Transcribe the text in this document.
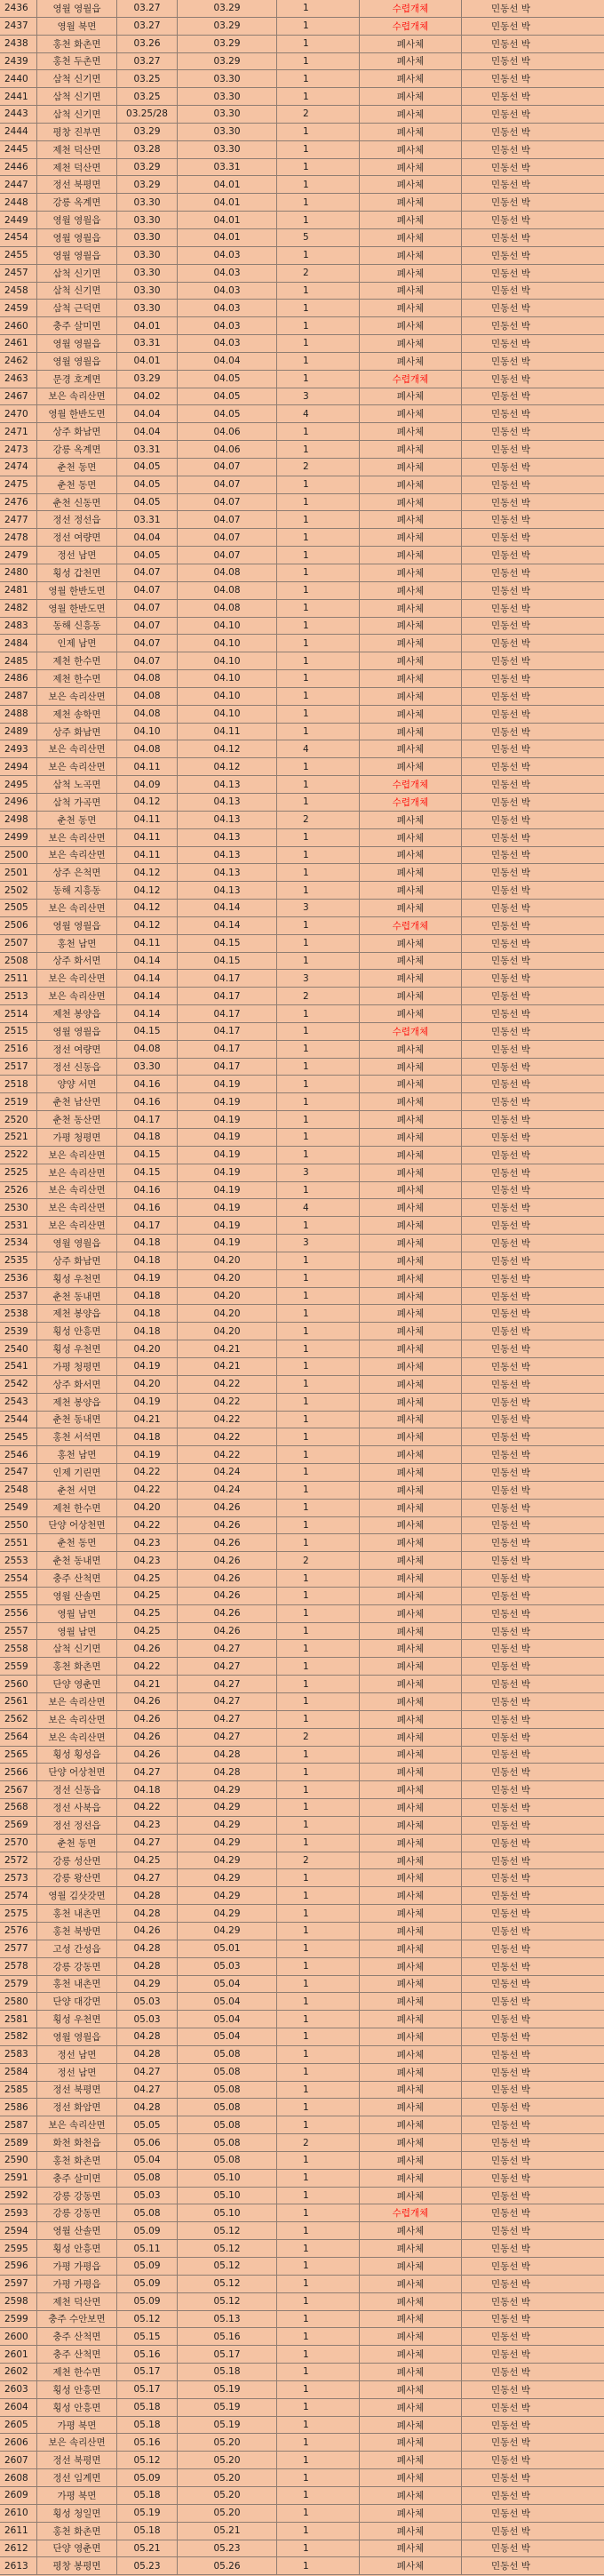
2436	영월 영월읍	03.27	03.29	1	수렵개체	민동선 박
2437	영월 북면	03.27	03.29	1	수렵개체	민동선 박
2438	홍천 화촌면	03.26	03.29	1	폐사체	민동선 박
2439	홍천 두촌면	03.27	03.29	1	폐사체	민동선 박
2440	삼척 신기면	03.25	03.30	1	폐사체	민동선 박
2441	삼척 신기면	03.25	03.30	1	폐사체	민동선 박
2443	삼척 신기면	03.25/28	03.30	2	폐사체	민동선 박
2444	평창 진부면	03.29	03.30	1	폐사체	민동선 박
2445	제천 덕산면	03.28	03.30	1	폐사체	민동선 박
2446	제천 덕산면	03.29	03.31	1	폐사체	민동선 박
2447	정선 북평면	03.29	04.01	1	폐사체	민동선 박
2448	강릉 옥계면	03.30	04.01	1	폐사체	민동선 박
2449	영월 영월읍	03.30	04.01	1	폐사체	민동선 박
2454	영월 영월읍	03.30	04.01	5	폐사체	민동선 박
2455	영월 영월읍	03.30	04.03	1	폐사체	민동선 박
2457	삼척 신기면	03.30	04.03	2	폐사체	민동선 박
2458	삼척 신기면	03.30	04.03	1	폐사체	민동선 박
2459	삼척 근덕면	03.30	04.03	1	폐사체	민동선 박
2460	충주 살미면	04.01	04.03	1	폐사체	민동선 박
2461	영월 영월읍	03.31	04.03	1	폐사체	민동선 박
2462	영월 영월읍	04.01	04.04	1	폐사체	민동선 박
2463	문경 호계면	03.29	04.05	1	수렵개체	민동선 박
2467	보은 속리산면	04.02	04.05	3	폐사체	민동선 박
2470	영월 한반도면	04.04	04.05	4	폐사체	민동선 박
2471	상주 화남면	04.04	04.06	1	폐사체	민동선 박
2473	강릉 옥계면	03.31	04.06	1	폐사체	민동선 박
2474	춘천 동면	04.05	04.07	2	폐사체	민동선 박
2475	춘천 동면	04.05	04.07	1	폐사체	민동선 박
2476	춘천 신동면	04.05	04.07	1	폐사체	민동선 박
2477	정선 정선읍	03.31	04.07	1	폐사체	민동선 박
2478	정선 여량면	04.04	04.07	1	폐사체	민동선 박
2479	정선 남면	04.05	04.07	1	폐사체	민동선 박
2480	횡성 갑천면	04.07	04.08	1	폐사체	민동선 박
2481	영월 한반도면	04.07	04.08	1	폐사체	민동선 박
2482	영월 한반도면	04.07	04.08	1	폐사체	민동선 박
2483	동해 신흥동	04.07	04.10	1	폐사체	민동선 박
2484	인제 남면	04.07	04.10	1	폐사체	민동선 박
2485	제천 한수면	04.07	04.10	1	폐사체	민동선 박
2486	제천 한수면	04.08	04.10	1	폐사체	민동선 박
2487	보은 속리산면	04.08	04.10	1	폐사체	민동선 박
2488	제천 송학면	04.08	04.10	1	폐사체	민동선 박
2489	상주 화남면	04.10	04.11	1	폐사체	민동선 박
2493	보은 속리산면	04.08	04.12	4	폐사체	민동선 박
2494	보은 속리산면	04.11	04.12	1	폐사체	민동선 박
2495	삼척 노곡면	04.09	04.13	1	수렵개체	민동선 박
2496	삼척 가곡면	04.12	04.13	1	수렵개체	민동선 박
2498	춘천 동면	04.11	04.13	2	폐사체	민동선 박
2499	보은 속리산면	04.11	04.13	1	폐사체	민동선 박
2500	보은 속리산면	04.11	04.13	1	폐사체	민동선 박
2501	상주 은척면	04.12	04.13	1	폐사체	민동선 박
2502	동해 지흥동	04.12	04.13	1	폐사체	민동선 박
2505	보은 속리산면	04.12	04.14	3	폐사체	민동선 박
2506	영월 영월읍	04.12	04.14	1	수렵개체	민동선 박
2507	홍천 남면	04.11	04.15	1	폐사체	민동선 박
2508	상주 화서면	04.14	04.15	1	폐사체	민동선 박
2511	보은 속리산면	04.14	04.17	3	폐사체	민동선 박
2513	보은 속리산면	04.14	04.17	2	폐사체	민동선 박
2514	제천 봉양읍	04.14	04.17	1	폐사체	민동선 박
2515	영월 영월읍	04.15	04.17	1	수렵개체	민동선 박
2516	정선 여량면	04.08	04.17	1	폐사체	민동선 박
2517	정선 신동읍	03.30	04.17	1	폐사체	민동선 박
2518	양양 서면	04.16	04.19	1	폐사체	민동선 박
2519	춘천 남산면	04.16	04.19	1	폐사체	민동선 박
2520	춘천 동산면	04.17	04.19	1	폐사체	민동선 박
2521	가평 청평면	04.18	04.19	1	폐사체	민동선 박
2522	보은 속리산면	04.15	04.19	1	폐사체	민동선 박
2525	보은 속리산면	04.15	04.19	3	폐사체	민동선 박
2526	보은 속리산면	04.16	04.19	1	폐사체	민동선 박
2530	보은 속리산면	04.16	04.19	4	폐사체	민동선 박
2531	보은 속리산면	04.17	04.19	1	폐사체	민동선 박
2534	영월 영월읍	04.18	04.19	3	폐사체	민동선 박
2535	상주 화남면	04.18	04.20	1	폐사체	민동선 박
2536	횡성 우천면	04.19	04.20	1	폐사체	민동선 박
2537	춘천 동내면	04.18	04.20	1	폐사체	민동선 박
2538	제천 봉양읍	04.18	04.20	1	폐사체	민동선 박
2539	횡성 안흥면	04.18	04.20	1	폐사체	민동선 박
2540	횡성 우천면	04.20	04.21	1	폐사체	민동선 박
2541	가평 청평면	04.19	04.21	1	폐사체	민동선 박
2542	상주 화서면	04.20	04.22	1	폐사체	민동선 박
2543	제천 봉양읍	04.19	04.22	1	폐사체	민동선 박
2544	춘천 동내면	04.21	04.22	1	폐사체	민동선 박
2545	홍천 서석면	04.18	04.22	1	폐사체	민동선 박
2546	홍천 남면	04.19	04.22	1	폐사체	민동선 박
2547	인제 기린면	04.22	04.24	1	폐사체	민동선 박
2548	춘천 서면	04.22	04.24	1	폐사체	민동선 박
2549	제천 한수면	04.20	04.26	1	폐사체	민동선 박
2550	단양 어상천면	04.22	04.26	1	폐사체	민동선 박
2551	춘천 동면	04.23	04.26	1	폐사체	민동선 박
2553	춘천 동내면	04.23	04.26	2	폐사체	민동선 박
2554	충주 산척면	04.25	04.26	1	폐사체	민동선 박
2555	영월 산솔면	04.25	04.26	1	폐사체	민동선 박
2556	영월 남면	04.25	04.26	1	폐사체	민동선 박
2557	영월 남면	04.25	04.26	1	폐사체	민동선 박
2558	삼척 신기면	04.26	04.27	1	폐사체	민동선 박
2559	홍천 화촌면	04.22	04.27	1	폐사체	민동선 박
2560	단양 영춘면	04.21	04.27	1	폐사체	민동선 박
2561	보은 속리산면	04.26	04.27	1	폐사체	민동선 박
2562	보은 속리산면	04.26	04.27	1	폐사체	민동선 박
2564	보은 속리산면	04.26	04.27	2	폐사체	민동선 박
2565	횡성 횡성읍	04.26	04.28	1	폐사체	민동선 박
2566	단양 어상천면	04.27	04.28	1	폐사체	민동선 박
2567	정선 신동읍	04.18	04.29	1	폐사체	민동선 박
2568	정선 사북읍	04.22	04.29	1	폐사체	민동선 박
2569	정선 정선읍	04.23	04.29	1	폐사체	민동선 박
2570	춘천 동면	04.27	04.29	1	폐사체	민동선 박
2572	강릉 성산면	04.25	04.29	2	폐사체	민동선 박
2573	강릉 왕산면	04.27	04.29	1	폐사체	민동선 박
2574	영월 김삿갓면	04.28	04.29	1	폐사체	민동선 박
2575	홍천 내촌면	04.28	04.29	1	폐사체	민동선 박
2576	홍천 북방면	04.26	04.29	1	폐사체	민동선 박
2577	고성 간성읍	04.28	05.01	1	폐사체	민동선 박
2578	강릉 강동면	04.28	05.03	1	폐사체	민동선 박
2579	홍천 내촌면	04.29	05.04	1	폐사체	민동선 박
2580	단양 대강면	05.03	05.04	1	폐사체	민동선 박
2581	횡성 우천면	05.03	05.04	1	폐사체	민동선 박
2582	영월 영월읍	04.28	05.04	1	폐사체	민동선 박
2583	정선 남면	04.28	05.08	1	폐사체	민동선 박
2584	정선 남면	04.27	05.08	1	폐사체	민동선 박
2585	정선 북평면	04.27	05.08	1	폐사체	민동선 박
2586	정선 화암면	04.28	05.08	1	폐사체	민동선 박
2587	보은 속리산면	05.05	05.08	1	폐사체	민동선 박
2589	화천 화천읍	05.06	05.08	2	폐사체	민동선 박
2590	홍천 화촌면	05.04	05.08	1	폐사체	민동선 박
2591	충주 살미면	05.08	05.10	1	폐사체	민동선 박
2592	강릉 강동면	05.03	05.10	1	폐사체	민동선 박
2593	강릉 강동면	05.08	05.10	1	수렵개체	민동선 박
2594	영월 산솔면	05.09	05.12	1	폐사체	민동선 박
2595	횡성 안흥면	05.11	05.12	1	폐사체	민동선 박
2596	가평 가평읍	05.09	05.12	1	폐사체	민동선 박
2597	가평 가평읍	05.09	05.12	1	폐사체	민동선 박
2598	제천 덕산면	05.09	05.12	1	폐사체	민동선 박
2599	충주 수안보면	05.12	05.13	1	폐사체	민동선 박
2600	충주 산척면	05.15	05.16	1	폐사체	민동선 박
2601	충주 산척면	05.16	05.17	1	폐사체	민동선 박
2602	제천 한수면	05.17	05.18	1	폐사체	민동선 박
2603	횡성 안흥면	05.17	05.19	1	폐사체	민동선 박
2604	횡성 안흥면	05.18	05.19	1	폐사체	민동선 박
2605	가평 북면	05.18	05.19	1	폐사체	민동선 박
2606	보은 속리산면	05.16	05.20	1	폐사체	민동선 박
2607	정선 북평면	05.12	05.20	1	폐사체	민동선 박
2608	정선 임계면	05.09	05.20	1	폐사체	민동선 박
2609	가평 북면	05.18	05.20	1	폐사체	민동선 박
2610	횡성 청일면	05.19	05.20	1	폐사체	민동선 박
2611	홍천 화촌면	05.18	05.21	1	폐사체	민동선 박
2612	단양 영춘면	05.21	05.23	1	폐사체	민동선 박
2613	평창 봉평면	05.23	05.26	1	폐사체	민동선 박
